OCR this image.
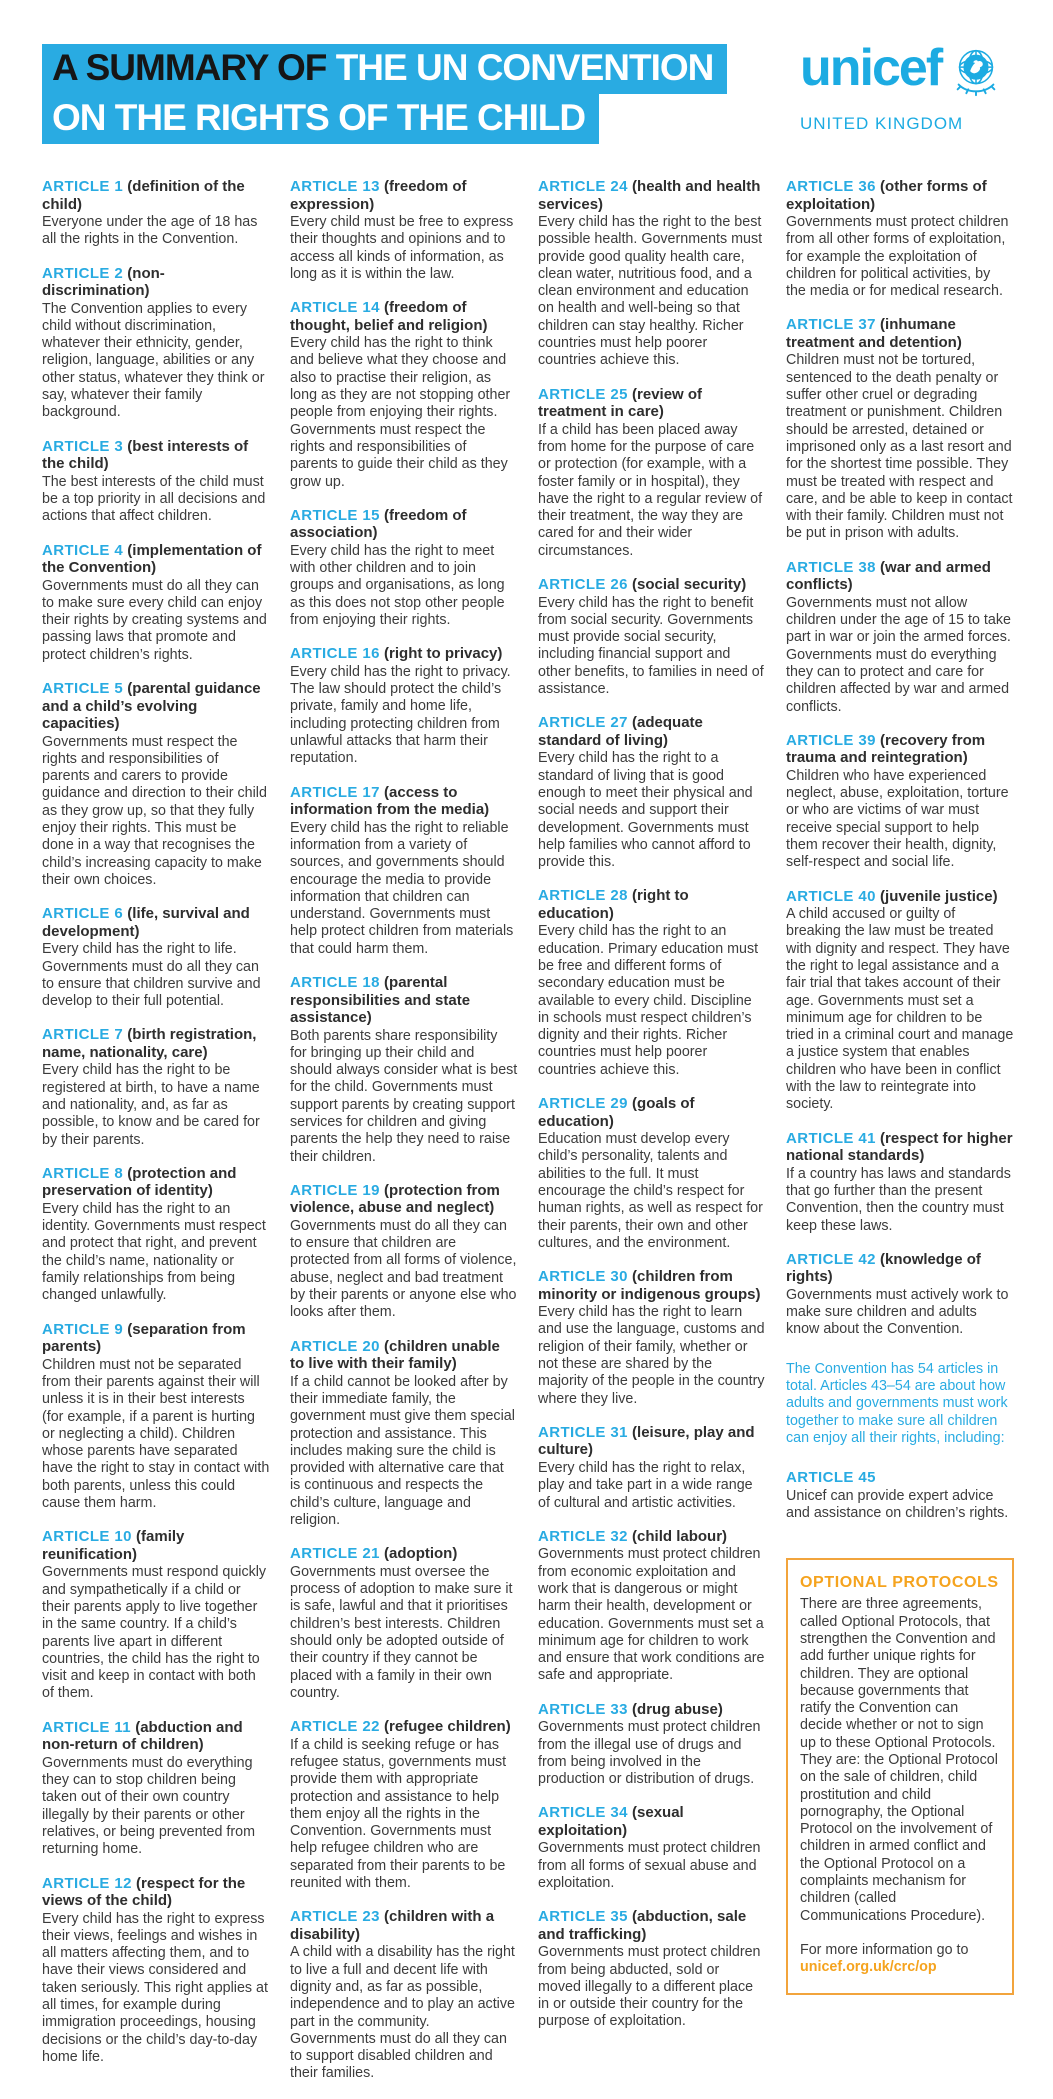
A SUMMARY OF THE UN CONVENTION
ON THE RIGHTS OF THE CHILD
unicef
UNITED KINGDOM
ARTICLE 1 (definition of the child)

Everyone under the age of 18 has all the rights in the Convention.

ARTICLE 2 (non-discrimination)

The Convention applies to every child without discrimination, whatever their ethnicity, gender, religion, language, abilities or any other status, whatever they think or say, whatever their family background.

ARTICLE 3 (best interests of the child)

The best interests of the child must be a top priority in all decisions and actions that affect children.

ARTICLE 4 (implementation of the Convention)

Governments must do all they can to make sure every child can enjoy their rights by creating systems and passing laws that promote and protect children’s rights.

ARTICLE 5 (parental guidance and a child’s evolving capacities)

Governments must respect the rights and responsibilities of parents and carers to provide guidance and direction to their child as they grow up, so that they fully enjoy their rights. This must be done in a way that recognises the child’s increasing capacity to make their own choices.

ARTICLE 6 (life, survival and development)

Every child has the right to life. Governments must do all they can to ensure that children survive and develop to their full potential.

ARTICLE 7 (birth registration, name, nationality, care)

Every child has the right to be registered at birth, to have a name and nationality, and, as far as possible, to know and be cared for by their parents.

ARTICLE 8 (protection and preservation of identity)

Every child has the right to an identity. Governments must respect and protect that right, and prevent the child’s name, nationality or family relationships from being changed unlawfully.

ARTICLE 9 (separation from parents)

Children must not be separated from their parents against their will unless it is in their best interests (for example, if a parent is hurting or neglecting a child). Children whose parents have separated have the right to stay in contact with both parents, unless this could cause them harm.

ARTICLE 10 (family reunification)

Governments must respond quickly and sympathetically if a child or their parents apply to live together in the same country. If a child’s parents live apart in different countries, the child has the right to visit and keep in contact with both of them.

ARTICLE 11 (abduction and non-return of children)

Governments must do everything they can to stop children being taken out of their own country illegally by their parents or other relatives, or being prevented from returning home.

ARTICLE 12 (respect for the views of the child)

Every child has the right to express their views, feelings and wishes in all matters affecting them, and to have their views considered and taken seriously. This right applies at all times, for example during immigration proceedings, housing decisions or the child’s day-to-day home life.

ARTICLE 13 (freedom of expression)

Every child must be free to express their thoughts and opinions and to access all kinds of information, as long as it is within the law.

ARTICLE 14 (freedom of thought, belief and religion)

Every child has the right to think and believe what they choose and also to practise their religion, as long as they are not stopping other people from enjoying their rights. Governments must respect the rights and responsibilities of parents to guide their child as they grow up.

ARTICLE 15 (freedom of association)

Every child has the right to meet with other children and to join groups and organisations, as long as this does not stop other people from enjoying their rights.

ARTICLE 16 (right to privacy)

Every child has the right to privacy. The law should protect the child’s private, family and home life, including protecting children from unlawful attacks that harm their reputation.

ARTICLE 17 (access to information from the media)

Every child has the right to reliable information from a variety of sources, and governments should encourage the media to provide information that children can understand. Governments must help protect children from materials that could harm them.

ARTICLE 18 (parental responsibilities and state assistance)

Both parents share responsibility for bringing up their child and should always consider what is best for the child. Governments must support parents by creating support services for children and giving parents the help they need to raise their children.

ARTICLE 19 (protection from violence, abuse and neglect)

Governments must do all they can to ensure that children are protected from all forms of violence, abuse, neglect and bad treatment by their parents or anyone else who looks after them.

ARTICLE 20 (children unable to live with their family)

If a child cannot be looked after by their immediate family, the government must give them special protection and assistance. This includes making sure the child is provided with alternative care that is continuous and respects the child’s culture, language and religion.

ARTICLE 21 (adoption)

Governments must oversee the process of adoption to make sure it is safe, lawful and that it prioritises children’s best interests. Children should only be adopted outside of their country if they cannot be placed with a family in their own country.

ARTICLE 22 (refugee children)

If a child is seeking refuge or has refugee status, governments must provide them with appropriate protection and assistance to help them enjoy all the rights in the Convention. Governments must help refugee children who are separated from their parents to be reunited with them.

ARTICLE 23 (children with a disability)

A child with a disability has the right to live a full and decent life with dignity and, as far as possible, independence and to play an active part in the community. Governments must do all they can to support disabled children and their families.

ARTICLE 24 (health and health services)

Every child has the right to the best possible health. Governments must provide good quality health care, clean water, nutritious food, and a clean environment and education on health and well-being so that children can stay healthy. Richer countries must help poorer countries achieve this.

ARTICLE 25 (review of treatment in care)

If a child has been placed away from home for the purpose of care or protection (for example, with a foster family or in hospital), they have the right to a regular review of their treatment, the way they are cared for and their wider circumstances.

ARTICLE 26 (social security)

Every child has the right to benefit from social security. Governments must provide social security, including financial support and other benefits, to families in need of assistance.

ARTICLE 27 (adequate standard of living)

Every child has the right to a standard of living that is good enough to meet their physical and social needs and support their development. Governments must help families who cannot afford to provide this.

ARTICLE 28 (right to education)

Every child has the right to an education. Primary education must be free and different forms of secondary education must be available to every child. Discipline in schools must respect children’s dignity and their rights. Richer countries must help poorer countries achieve this.

ARTICLE 29 (goals of education)

Education must develop every child’s personality, talents and abilities to the full. It must encourage the child’s respect for human rights, as well as respect for their parents, their own and other cultures, and the environment.

ARTICLE 30 (children from minority or indigenous groups)

Every child has the right to learn and use the language, customs and religion of their family, whether or not these are shared by the majority of the people in the country where they live.

ARTICLE 31 (leisure, play and culture)

Every child has the right to relax, play and take part in a wide range of cultural and artistic activities.

ARTICLE 32 (child labour)

Governments must protect children from economic exploitation and work that is dangerous or might harm their health, development or education. Governments must set a minimum age for children to work and ensure that work conditions are safe and appropriate.

ARTICLE 33 (drug abuse)

Governments must protect children from the illegal use of drugs and from being involved in the production or distribution of drugs.

ARTICLE 34 (sexual exploitation)

Governments must protect children from all forms of sexual abuse and exploitation.

ARTICLE 35 (abduction, sale and trafficking)

Governments must protect children from being abducted, sold or moved illegally to a different place in or outside their country for the purpose of exploitation.

ARTICLE 36 (other forms of exploitation)

Governments must protect children from all other forms of exploitation, for example the exploitation of children for political activities, by the media or for medical research.

ARTICLE 37 (inhumane treatment and detention)

Children must not be tortured, sentenced to the death penalty or suffer other cruel or degrading treatment or punishment. Children should be arrested, detained or imprisoned only as a last resort and for the shortest time possible. They must be treated with respect and care, and be able to keep in contact with their family. Children must not be put in prison with adults.

ARTICLE 38 (war and armed conflicts)

Governments must not allow children under the age of 15 to take part in war or join the armed forces. Governments must do everything they can to protect and care for children affected by war and armed conflicts.

ARTICLE 39 (recovery from trauma and reintegration)

Children who have experienced neglect, abuse, exploitation, torture or who are victims of war must receive special support to help them recover their health, dignity, self-respect and social life.

ARTICLE 40 (juvenile justice)

A child accused or guilty of breaking the law must be treated with dignity and respect. They have the right to legal assistance and a fair trial that takes account of their age. Governments must set a minimum age for children to be tried in a criminal court and manage a justice system that enables children who have been in conflict with the law to reintegrate into society.

ARTICLE 41 (respect for higher national standards)

If a country has laws and standards that go further than the present Convention, then the country must keep these laws.

ARTICLE 42 (knowledge of rights)

Governments must actively work to make sure children and adults know about the Convention.

The Convention has 54 articles in total. Articles 43–54 are about how adults and governments must work together to make sure all children can enjoy all their rights, including:

ARTICLE 45

Unicef can provide expert advice and assistance on children’s rights.

OPTIONAL PROTOCOLS

There are three agreements, called Optional Protocols, that strengthen the Convention and add further unique rights for children. They are optional because governments that ratify the Convention can decide whether or not to sign up to these Optional Protocols. They are: the Optional Protocol on the sale of children, child prostitution and child pornography, the Optional Protocol on the involvement of children in armed conflict and the Optional Protocol on a complaints mechanism for children (called Communications Procedure).

For more information go to
unicef.org.uk/crc/op
